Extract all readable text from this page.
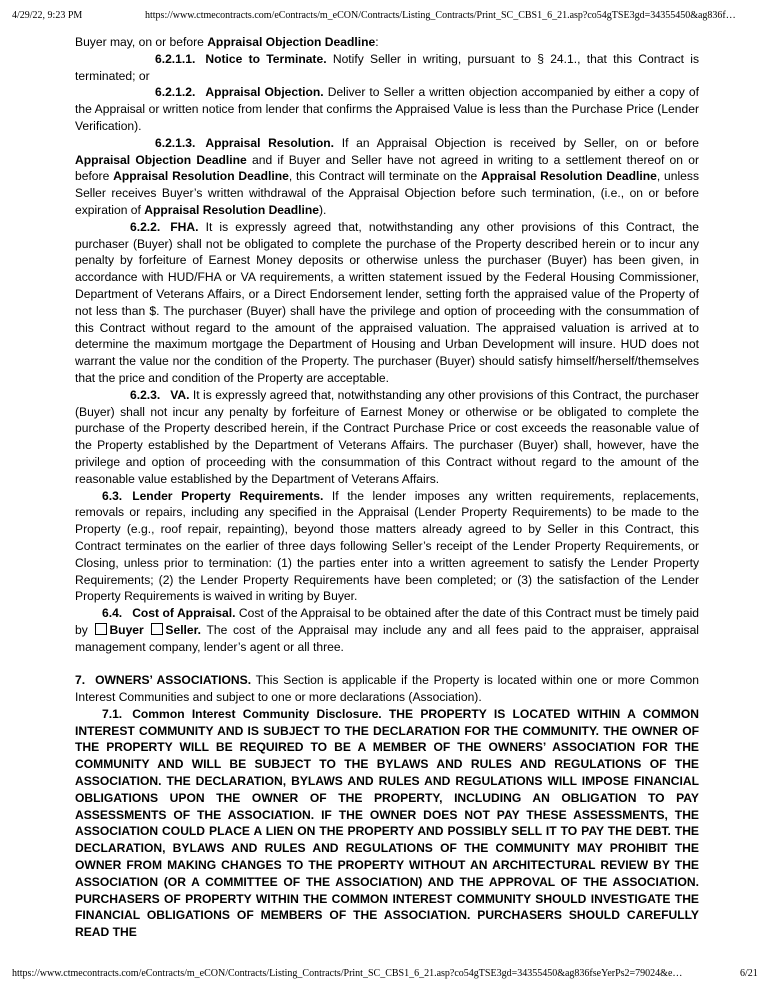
4/29/22, 9:23 PM	https://www.ctmecontracts.com/eContracts/m_eCON/Contracts/Listing_Contracts/Print_SC_CBS1_6_21.asp?co54gTSE3gd=34355450&ag836f…

Buyer may, on or before Appraisal Objection Deadline:

6.2.1.1. Notice to Terminate. Notify Seller in writing, pursuant to § 24.1., that this Contract is terminated; or

6.2.1.2. Appraisal Objection. Deliver to Seller a written objection accompanied by either a copy of the Appraisal or written notice from lender that confirms the Appraised Value is less than the Purchase Price (Lender Verification).

6.2.1.3. Appraisal Resolution. If an Appraisal Objection is received by Seller, on or before Appraisal Objection Deadline and if Buyer and Seller have not agreed in writing to a settlement thereof on or before Appraisal Resolution Deadline, this Contract will terminate on the Appraisal Resolution Deadline, unless Seller receives Buyer’s written withdrawal of the Appraisal Objection before such termination, (i.e., on or before expiration of Appraisal Resolution Deadline).

6.2.2. FHA. It is expressly agreed that, notwithstanding any other provisions of this Contract, the purchaser (Buyer) shall not be obligated to complete the purchase of the Property described herein or to incur any penalty by forfeiture of Earnest Money deposits or otherwise unless the purchaser (Buyer) has been given, in accordance with HUD/FHA or VA requirements, a written statement issued by the Federal Housing Commissioner, Department of Veterans Affairs, or a Direct Endorsement lender, setting forth the appraised value of the Property of not less than $. The purchaser (Buyer) shall have the privilege and option of proceeding with the consummation of this Contract without regard to the amount of the appraised valuation. The appraised valuation is arrived at to determine the maximum mortgage the Department of Housing and Urban Development will insure. HUD does not warrant the value nor the condition of the Property. The purchaser (Buyer) should satisfy himself/herself/themselves that the price and condition of the Property are acceptable.

6.2.3. VA. It is expressly agreed that, notwithstanding any other provisions of this Contract, the purchaser (Buyer) shall not incur any penalty by forfeiture of Earnest Money or otherwise or be obligated to complete the purchase of the Property described herein, if the Contract Purchase Price or cost exceeds the reasonable value of the Property established by the Department of Veterans Affairs. The purchaser (Buyer) shall, however, have the privilege and option of proceeding with the consummation of this Contract without regard to the amount of the reasonable value established by the Department of Veterans Affairs.

6.3. Lender Property Requirements. If the lender imposes any written requirements, replacements, removals or repairs, including any specified in the Appraisal (Lender Property Requirements) to be made to the Property (e.g., roof repair, repainting), beyond those matters already agreed to by Seller in this Contract, this Contract terminates on the earlier of three days following Seller’s receipt of the Lender Property Requirements, or Closing, unless prior to termination: (1) the parties enter into a written agreement to satisfy the Lender Property Requirements; (2) the Lender Property Requirements have been completed; or (3) the satisfaction of the Lender Property Requirements is waived in writing by Buyer.

6.4. Cost of Appraisal. Cost of the Appraisal to be obtained after the date of this Contract must be timely paid by Buyer Seller. The cost of the Appraisal may include any and all fees paid to the appraiser, appraisal management company, lender’s agent or all three.

7. OWNERS’ ASSOCIATIONS. This Section is applicable if the Property is located within one or more Common Interest Communities and subject to one or more declarations (Association).

7.1. Common Interest Community Disclosure. THE PROPERTY IS LOCATED WITHIN A COMMON INTEREST COMMUNITY AND IS SUBJECT TO THE DECLARATION FOR THE COMMUNITY. THE OWNER OF THE PROPERTY WILL BE REQUIRED TO BE A MEMBER OF THE OWNERS’ ASSOCIATION FOR THE COMMUNITY AND WILL BE SUBJECT TO THE BYLAWS AND RULES AND REGULATIONS OF THE ASSOCIATION. THE DECLARATION, BYLAWS AND RULES AND REGULATIONS WILL IMPOSE FINANCIAL OBLIGATIONS UPON THE OWNER OF THE PROPERTY, INCLUDING AN OBLIGATION TO PAY ASSESSMENTS OF THE ASSOCIATION. IF THE OWNER DOES NOT PAY THESE ASSESSMENTS, THE ASSOCIATION COULD PLACE A LIEN ON THE PROPERTY AND POSSIBLY SELL IT TO PAY THE DEBT. THE DECLARATION, BYLAWS AND RULES AND REGULATIONS OF THE COMMUNITY MAY PROHIBIT THE OWNER FROM MAKING CHANGES TO THE PROPERTY WITHOUT AN ARCHITECTURAL REVIEW BY THE ASSOCIATION (OR A COMMITTEE OF THE ASSOCIATION) AND THE APPROVAL OF THE ASSOCIATION. PURCHASERS OF PROPERTY WITHIN THE COMMON INTEREST COMMUNITY SHOULD INVESTIGATE THE FINANCIAL OBLIGATIONS OF MEMBERS OF THE ASSOCIATION. PURCHASERS SHOULD CAREFULLY READ THE

https://www.ctmecontracts.com/eContracts/m_eCON/Contracts/Listing_Contracts/Print_SC_CBS1_6_21.asp?co54gTSE3gd=34355450&ag836fseYerPs2=79024&e…	6/21
